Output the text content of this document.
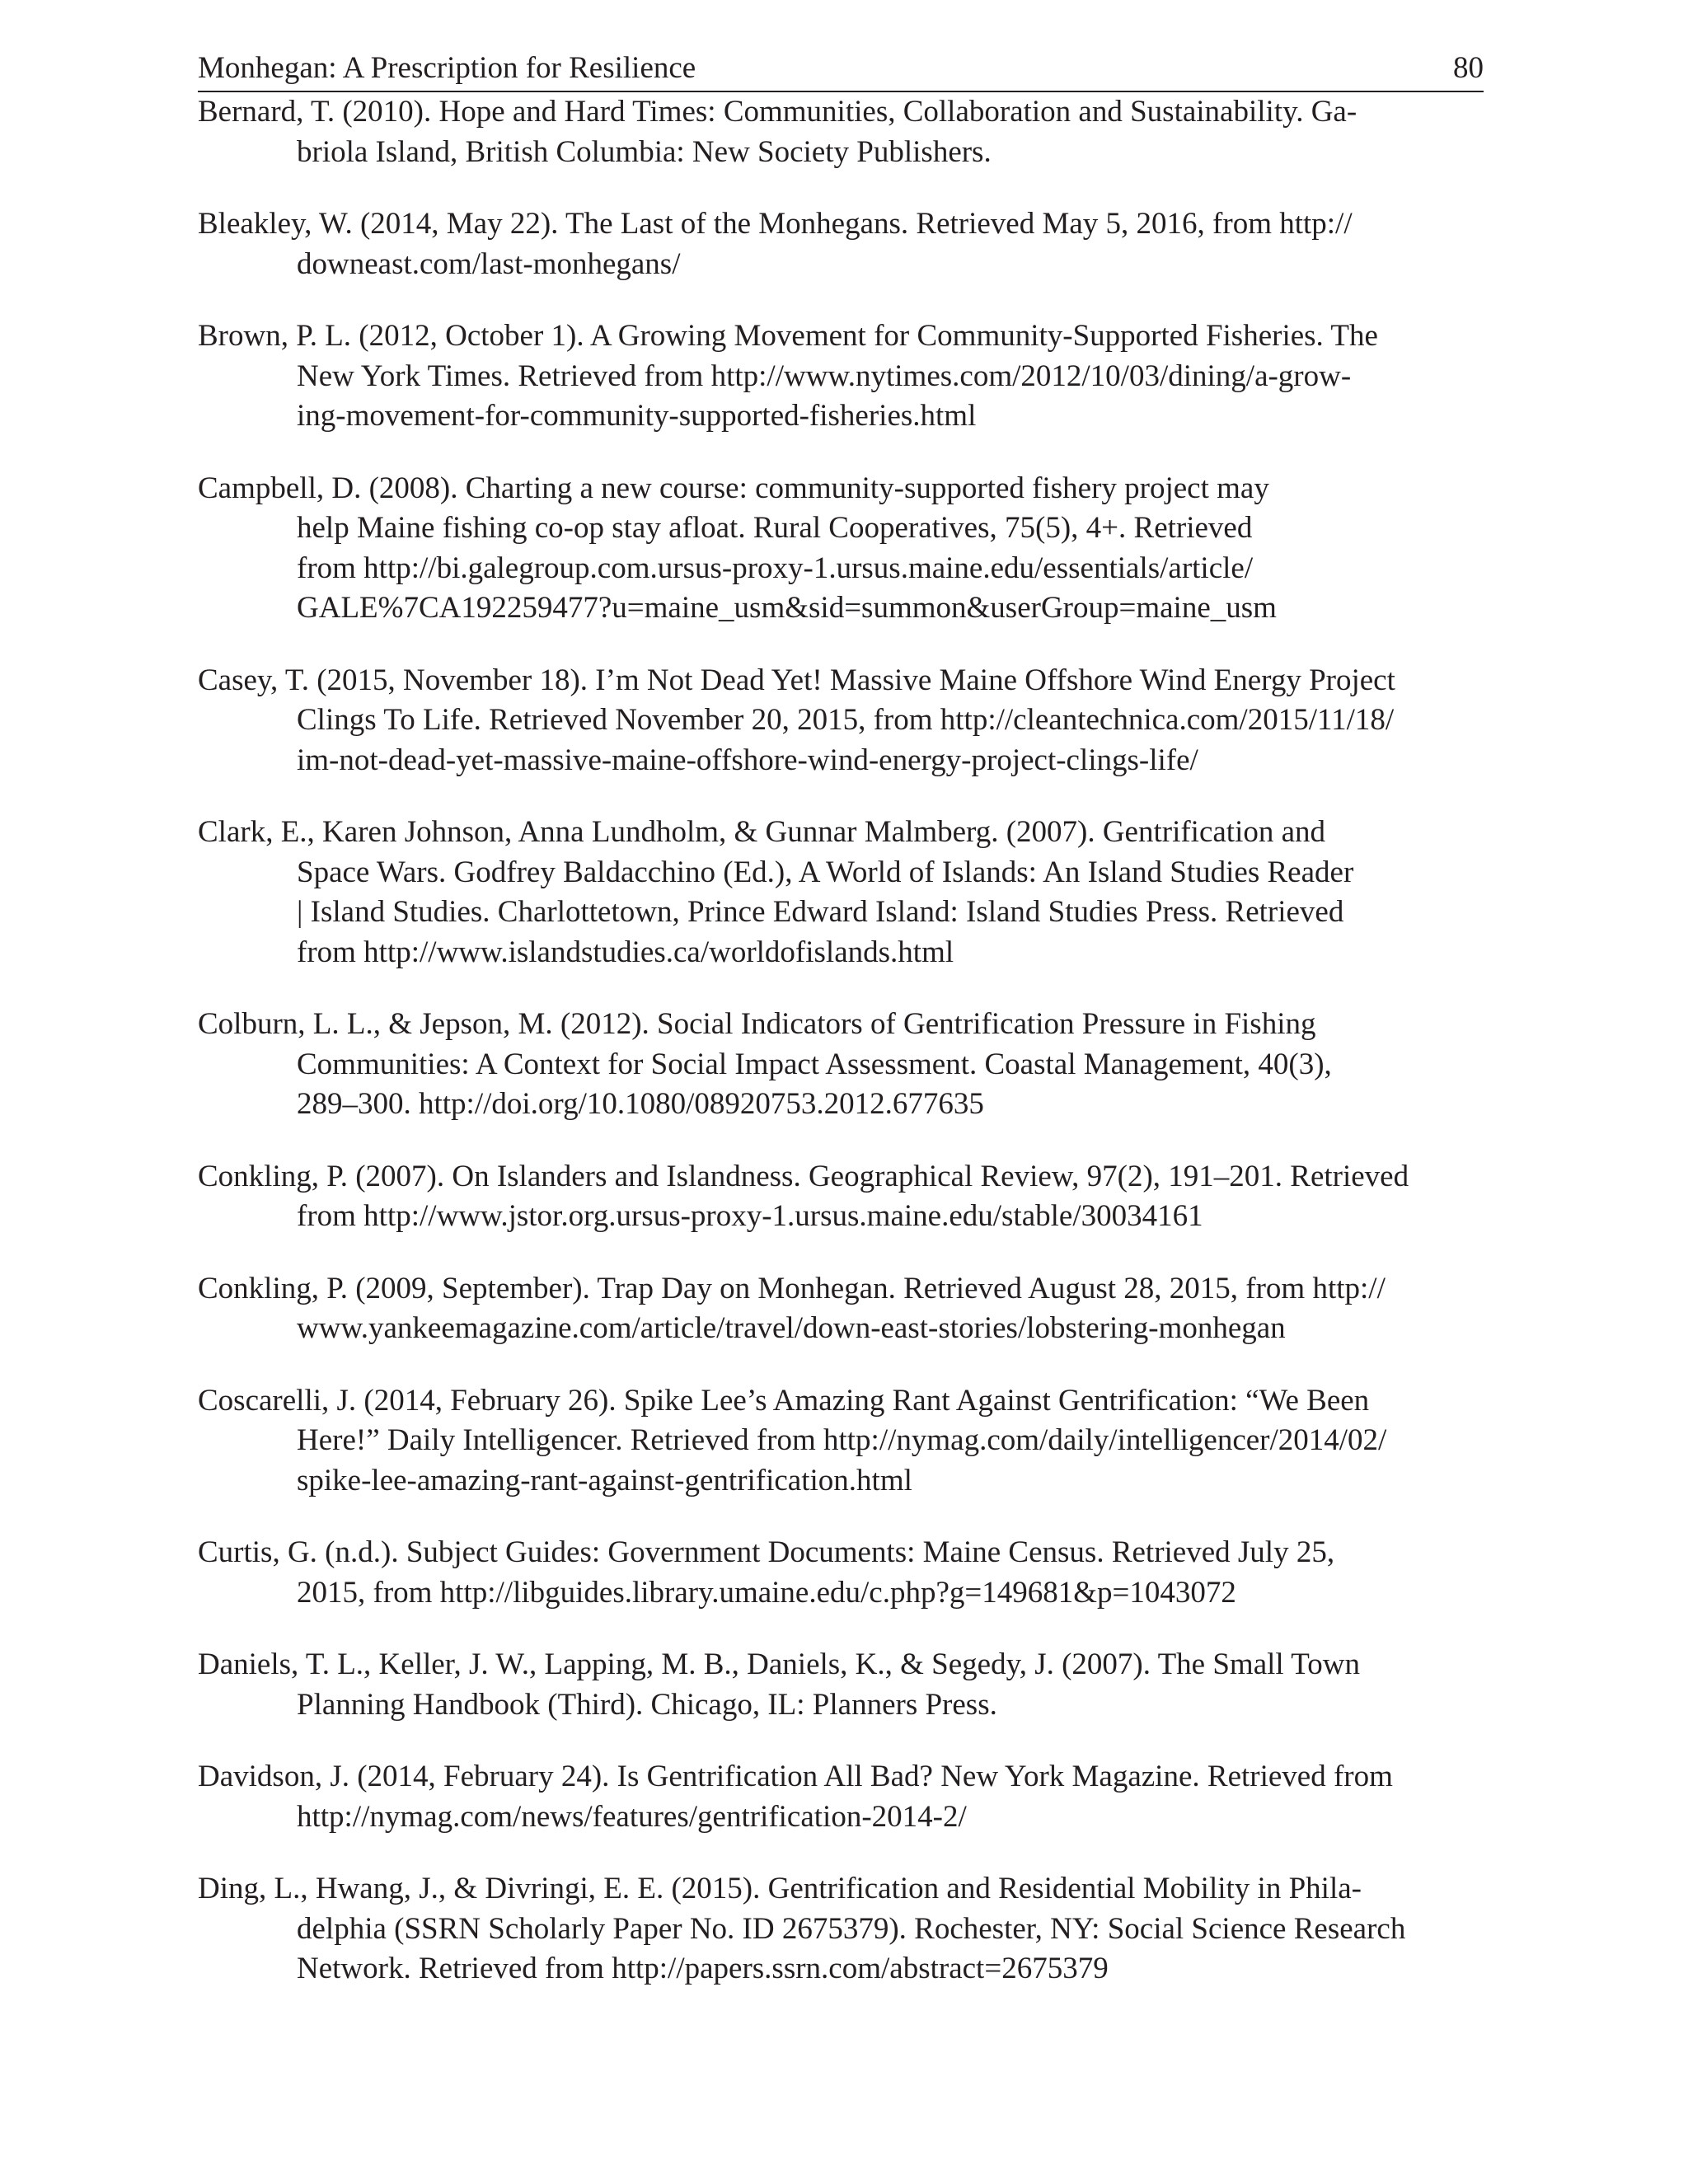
Monhegan: A Prescription for Resilience	80

Bernard, T. (2010). Hope and Hard Times: Communities, Collaboration and Sustainability. Ga-
briola Island, British Columbia: New Society Publishers.

Bleakley, W. (2014, May 22). The Last of the Monhegans. Retrieved May 5, 2016, from http://
downeast.com/last-monhegans/

Brown, P. L. (2012, October 1). A Growing Movement for Community-Supported Fisheries. The
New York Times. Retrieved from http://www.nytimes.com/2012/10/03/dining/a-grow-
ing-movement-for-community-supported-fisheries.html

Campbell, D. (2008). Charting a new course: community-supported fishery project may
help Maine fishing co-op stay afloat. Rural Cooperatives, 75(5), 4+. Retrieved
from http://bi.galegroup.com.ursus-proxy-1.ursus.maine.edu/essentials/article/
GALE%7CA192259477?u=maine_usm&sid=summon&userGroup=maine_usm

Casey, T. (2015, November 18). I’m Not Dead Yet! Massive Maine Offshore Wind Energy Project
Clings To Life. Retrieved November 20, 2015, from http://cleantechnica.com/2015/11/18/
im-not-dead-yet-massive-maine-offshore-wind-energy-project-clings-life/

Clark, E., Karen Johnson, Anna Lundholm, & Gunnar Malmberg. (2007). Gentrification and
Space Wars. Godfrey Baldacchino (Ed.), A World of Islands: An Island Studies Reader
| Island Studies. Charlottetown, Prince Edward Island: Island Studies Press. Retrieved
from http://www.islandstudies.ca/worldofislands.html

Colburn, L. L., & Jepson, M. (2012). Social Indicators of Gentrification Pressure in Fishing
Communities: A Context for Social Impact Assessment. Coastal Management, 40(3),
289–300. http://doi.org/10.1080/08920753.2012.677635

Conkling, P. (2007). On Islanders and Islandness. Geographical Review, 97(2), 191–201. Retrieved
from http://www.jstor.org.ursus-proxy-1.ursus.maine.edu/stable/30034161

Conkling, P. (2009, September). Trap Day on Monhegan. Retrieved August 28, 2015, from http://
www.yankeemagazine.com/article/travel/down-east-stories/lobstering-monhegan

Coscarelli, J. (2014, February 26). Spike Lee’s Amazing Rant Against Gentrification: “We Been
Here!” Daily Intelligencer. Retrieved from http://nymag.com/daily/intelligencer/2014/02/
spike-lee-amazing-rant-against-gentrification.html

Curtis, G. (n.d.). Subject Guides: Government Documents: Maine Census. Retrieved July 25,
2015, from http://libguides.library.umaine.edu/c.php?g=149681&p=1043072

Daniels, T. L., Keller, J. W., Lapping, M. B., Daniels, K., & Segedy, J. (2007). The Small Town
Planning Handbook (Third). Chicago, IL: Planners Press.

Davidson, J. (2014, February 24). Is Gentrification All Bad? New York Magazine. Retrieved from
http://nymag.com/news/features/gentrification-2014-2/

Ding, L., Hwang, J., & Divringi, E. E. (2015). Gentrification and Residential Mobility in Phila-
delphia (SSRN Scholarly Paper No. ID 2675379). Rochester, NY: Social Science Research
Network. Retrieved from http://papers.ssrn.com/abstract=2675379
